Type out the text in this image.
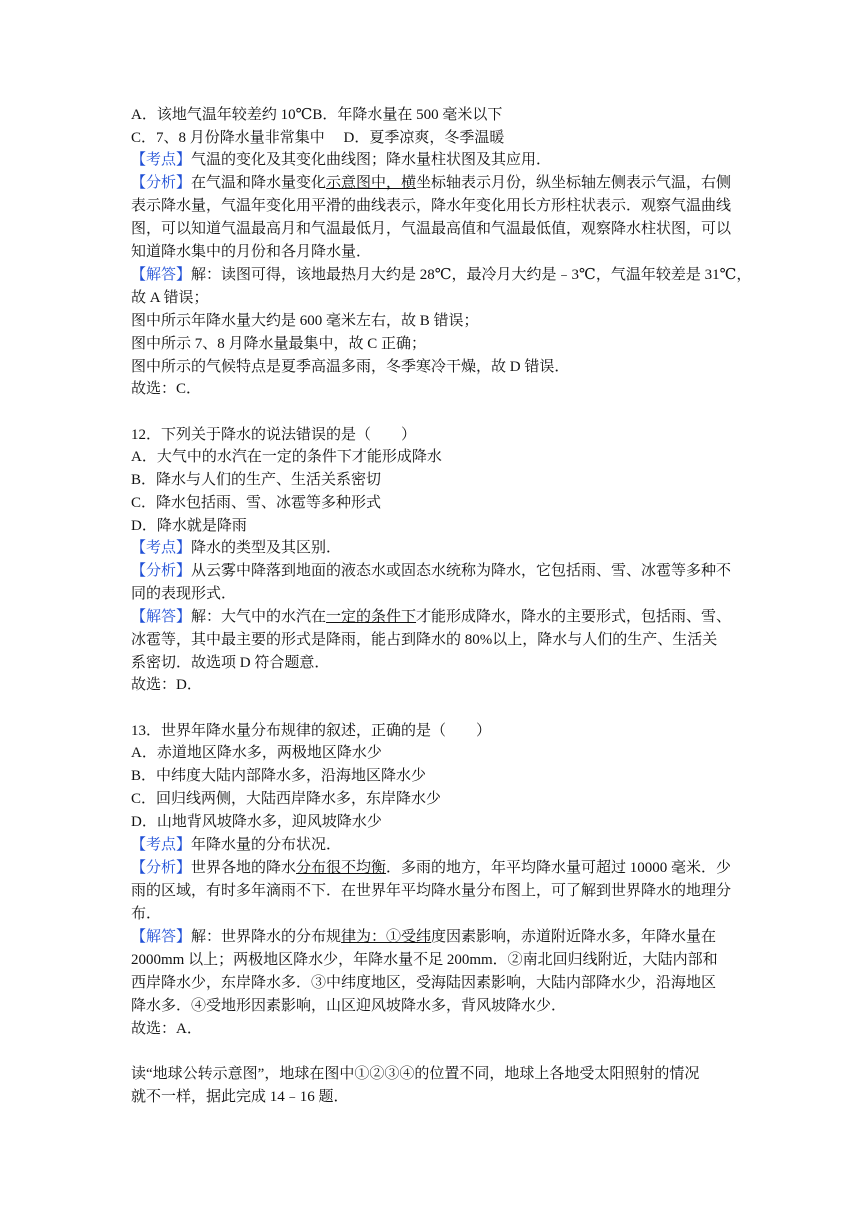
A．该地气温年较差约 10℃B．年降水量在 500 毫米以下
C．7、8 月份降水量非常集中　 D．夏季凉爽，冬季温暖
【考点】气温的变化及其变化曲线图；降水量柱状图及其应用．
【分析】在气温和降水量变化示意图中，横坐标轴表示月份，纵坐标轴左侧表示气温，右侧
表示降水量，气温年变化用平滑的曲线表示，降水年变化用长方形柱状表示．观察气温曲线
图，可以知道气温最高月和气温最低月，气温最高值和气温最低值，观察降水柱状图，可以
知道降水集中的月份和各月降水量．
【解答】解：读图可得，该地最热月大约是 28℃，最冷月大约是﹣3℃，气温年较差是 31℃，
故 A 错误；
图中所示年降水量大约是 600 毫米左右，故 B 错误；
图中所示 7、8 月降水量最集中，故 C 正确；
图中所示的气候特点是夏季高温多雨，冬季寒冷干燥，故 D 错误．
故选：C．
12．下列关于降水的说法错误的是（　　）
A．大气中的水汽在一定的条件下才能形成降水
B．降水与人们的生产、生活关系密切
C．降水包括雨、雪、冰雹等多种形式
D．降水就是降雨
【考点】降水的类型及其区别．
【分析】从云雾中降落到地面的液态水或固态水统称为降水，它包括雨、雪、冰雹等多种不
同的表现形式．
【解答】解：大气中的水汽在一定的条件下才能形成降水，降水的主要形式，包括雨、雪、
冰雹等，其中最主要的形式是降雨，能占到降水的 80%以上，降水与人们的生产、生活关
系密切．故选项 D 符合题意．
故选：D．
13．世界年降水量分布规律的叙述，正确的是（　　）
A．赤道地区降水多，两极地区降水少
B．中纬度大陆内部降水多，沿海地区降水少
C．回归线两侧，大陆西岸降水多，东岸降水少
D．山地背风坡降水多，迎风坡降水少
【考点】年降水量的分布状况．
【分析】世界各地的降水分布很不均衡．多雨的地方，年平均降水量可超过 10000 毫米．少
雨的区域，有时多年滴雨不下．在世界年平均降水量分布图上，可了解到世界降水的地理分
布．
【解答】解：世界降水的分布规律为：①受纬度因素影响，赤道附近降水多，年降水量在
2000mm 以上；两极地区降水少，年降水量不足 200mm．②南北回归线附近，大陆内部和
西岸降水少，东岸降水多．③中纬度地区，受海陆因素影响，大陆内部降水少，沿海地区
降水多．④受地形因素影响，山区迎风坡降水多，背风坡降水少．
故选：A．
读“地球公转示意图”，地球在图中①②③④的位置不同，地球上各地受太阳照射的情况
就不一样，据此完成 14﹣16 题．
